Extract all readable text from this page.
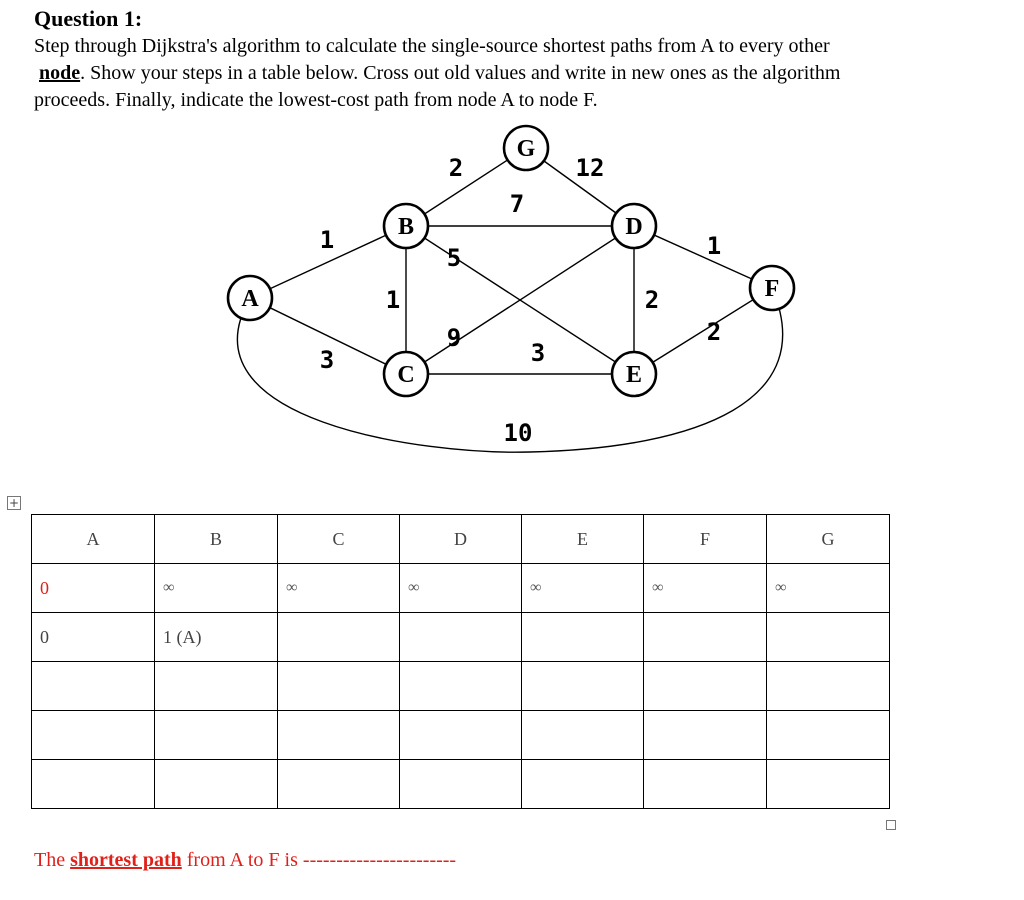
Question 1:
Step through Dijkstra's algorithm to calculate the single-source shortest paths from A to every other
node. Show your steps in a table below. Cross out old values and write in new ones as the algorithm
proceeds. Finally, indicate the lowest-cost path from node A to node F.
1
3
10
1
2
7
5
9
3
12
2
1
2
A
B
C
D
E
F
G
+
A	B	C	D	E	F	G
0	∞	∞	∞	∞	∞	∞
0	1 (A)					

The shortest path from A to F is -----------------------
